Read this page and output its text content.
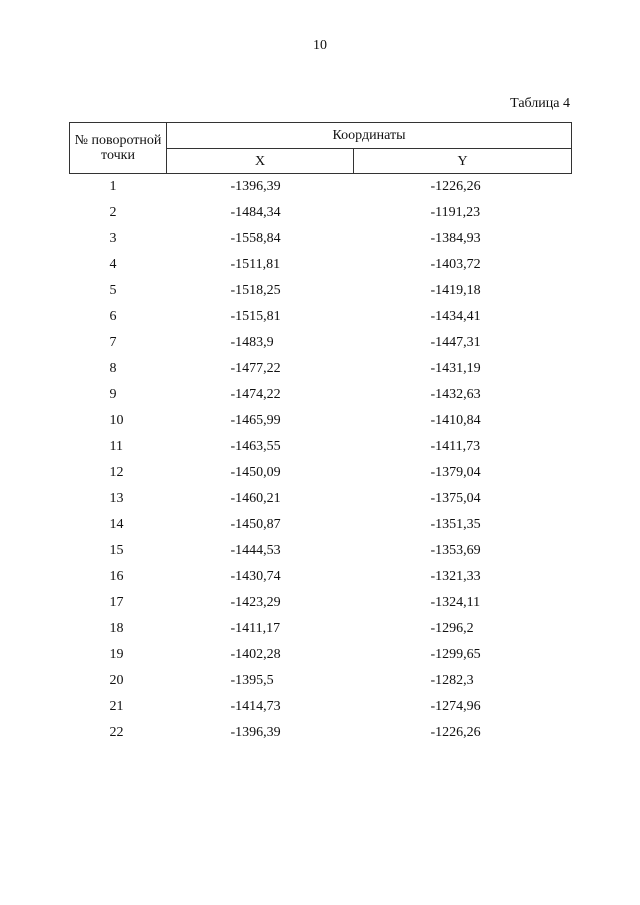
10
Таблица 4
№ поворотной точки	Координаты	
	X	Y
1	-1396,39	-1226,26
2	-1484,34	-1191,23
3	-1558,84	-1384,93
4	-1511,81	-1403,72
5	-1518,25	-1419,18
6	-1515,81	-1434,41
7	-1483,9	-1447,31
8	-1477,22	-1431,19
9	-1474,22	-1432,63
10	-1465,99	-1410,84
11	-1463,55	-1411,73
12	-1450,09	-1379,04
13	-1460,21	-1375,04
14	-1450,87	-1351,35
15	-1444,53	-1353,69
16	-1430,74	-1321,33
17	-1423,29	-1324,11
18	-1411,17	-1296,2
19	-1402,28	-1299,65
20	-1395,5	-1282,3
21	-1414,73	-1274,96
22	-1396,39	-1226,26
